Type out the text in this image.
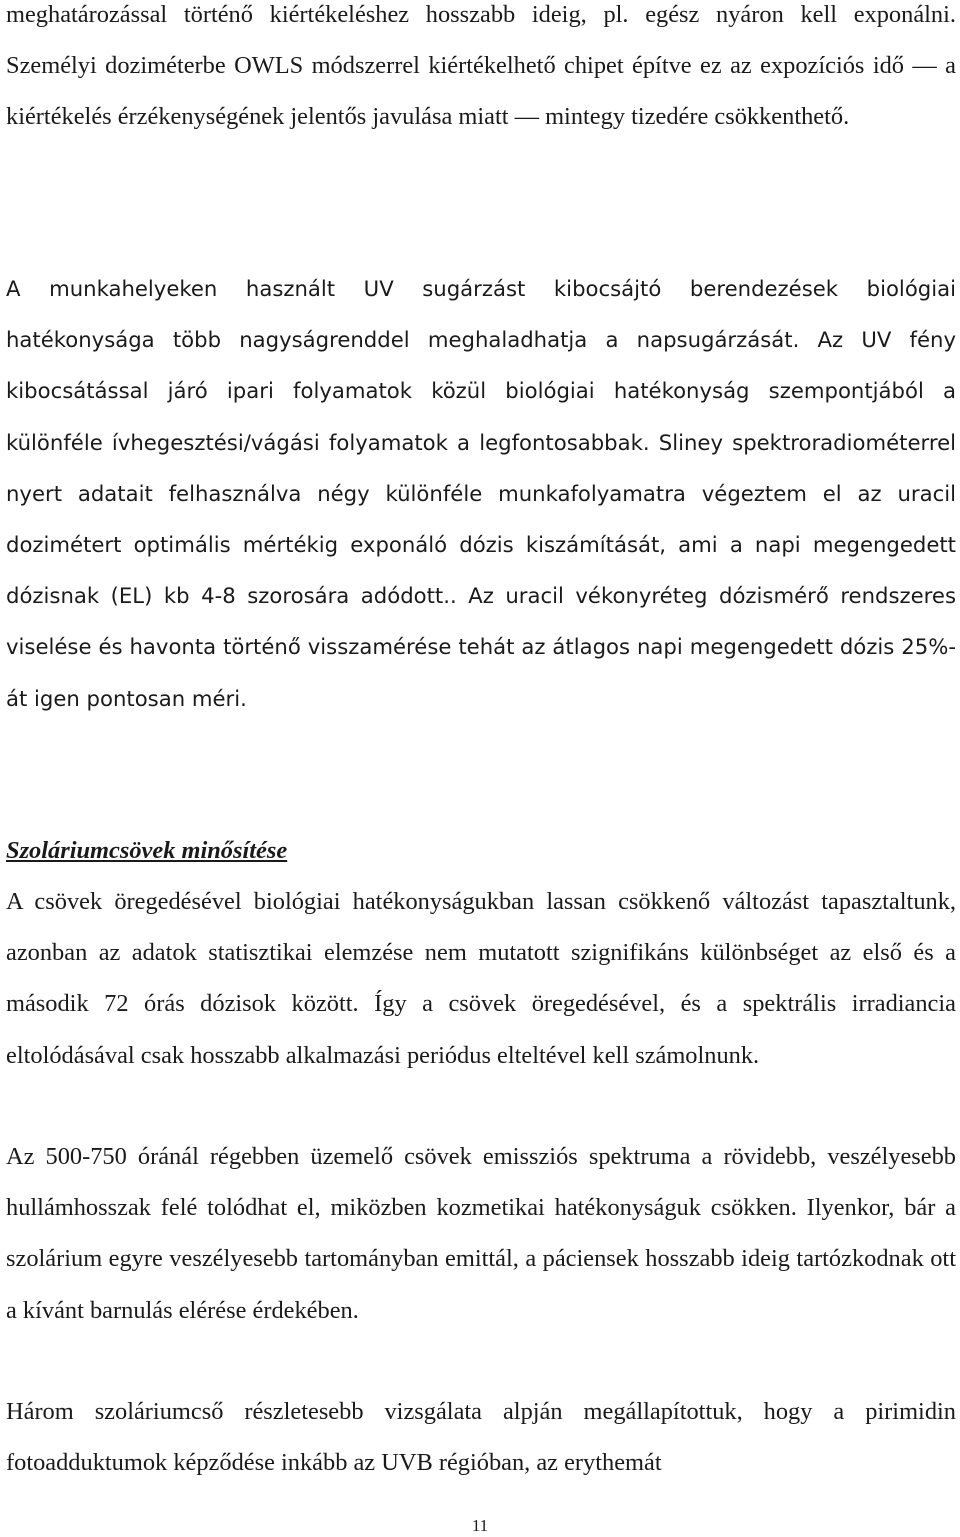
meghatározással történő kiértékeléshez hosszabb ideig, pl. egész nyáron kell exponálni. Személyi doziméterbe OWLS módszerrel kiértékelhető chipet építve ez az expozíciós idő — a kiértékelés érzékenységének jelentős javulása miatt — mintegy tizedére csökkenthető.

A munkahelyeken használt UV sugárzást kibocsájtó berendezések biológiai hatékonysága több nagyságrenddel meghaladhatja a napsugárzását. Az UV fény kibocsátással járó ipari folyamatok közül biológiai hatékonyság szempontjából a különféle ívhegesztési/vágási folyamatok a legfontosabbak. Sliney spektroradiométerrel nyert adatait felhasználva négy különféle munkafolyamatra végeztem el az uracil dozimétert optimális mértékig exponáló dózis kiszámítását, ami a napi megengedett dózisnak (EL) kb 4-8 szorosára adódott.. Az uracil vékonyréteg dózismérő rendszeres viselése és havonta történő visszamérése tehát az átlagos napi megengedett dózis 25%-át igen pontosan méri.

Szoláriumcsövek minősítése

A csövek öregedésével biológiai hatékonyságukban lassan csökkenő változást tapasztaltunk, azonban az adatok statisztikai elemzése nem mutatott szignifikáns különbséget az első és a második 72 órás dózisok között. Így a csövek öregedésével, és a spektrális irradiancia eltolódásával csak hosszabb alkalmazási periódus elteltével kell számolnunk.

Az 500-750 óránál régebben üzemelő csövek emissziós spektruma a rövidebb, veszélyesebb hullámhosszak felé tolódhat el, miközben kozmetikai hatékonyságuk csökken. Ilyenkor, bár a szolárium egyre veszélyesebb tartományban emittál, a páciensek hosszabb ideig tartózkodnak ott a kívánt barnulás elérése érdekében.

Három szoláriumcső részletesebb vizsgálata alpján megállapítottuk, hogy a pirimidin fotoadduktumok képződése inkább az UVB régióban, az erythemát

11
